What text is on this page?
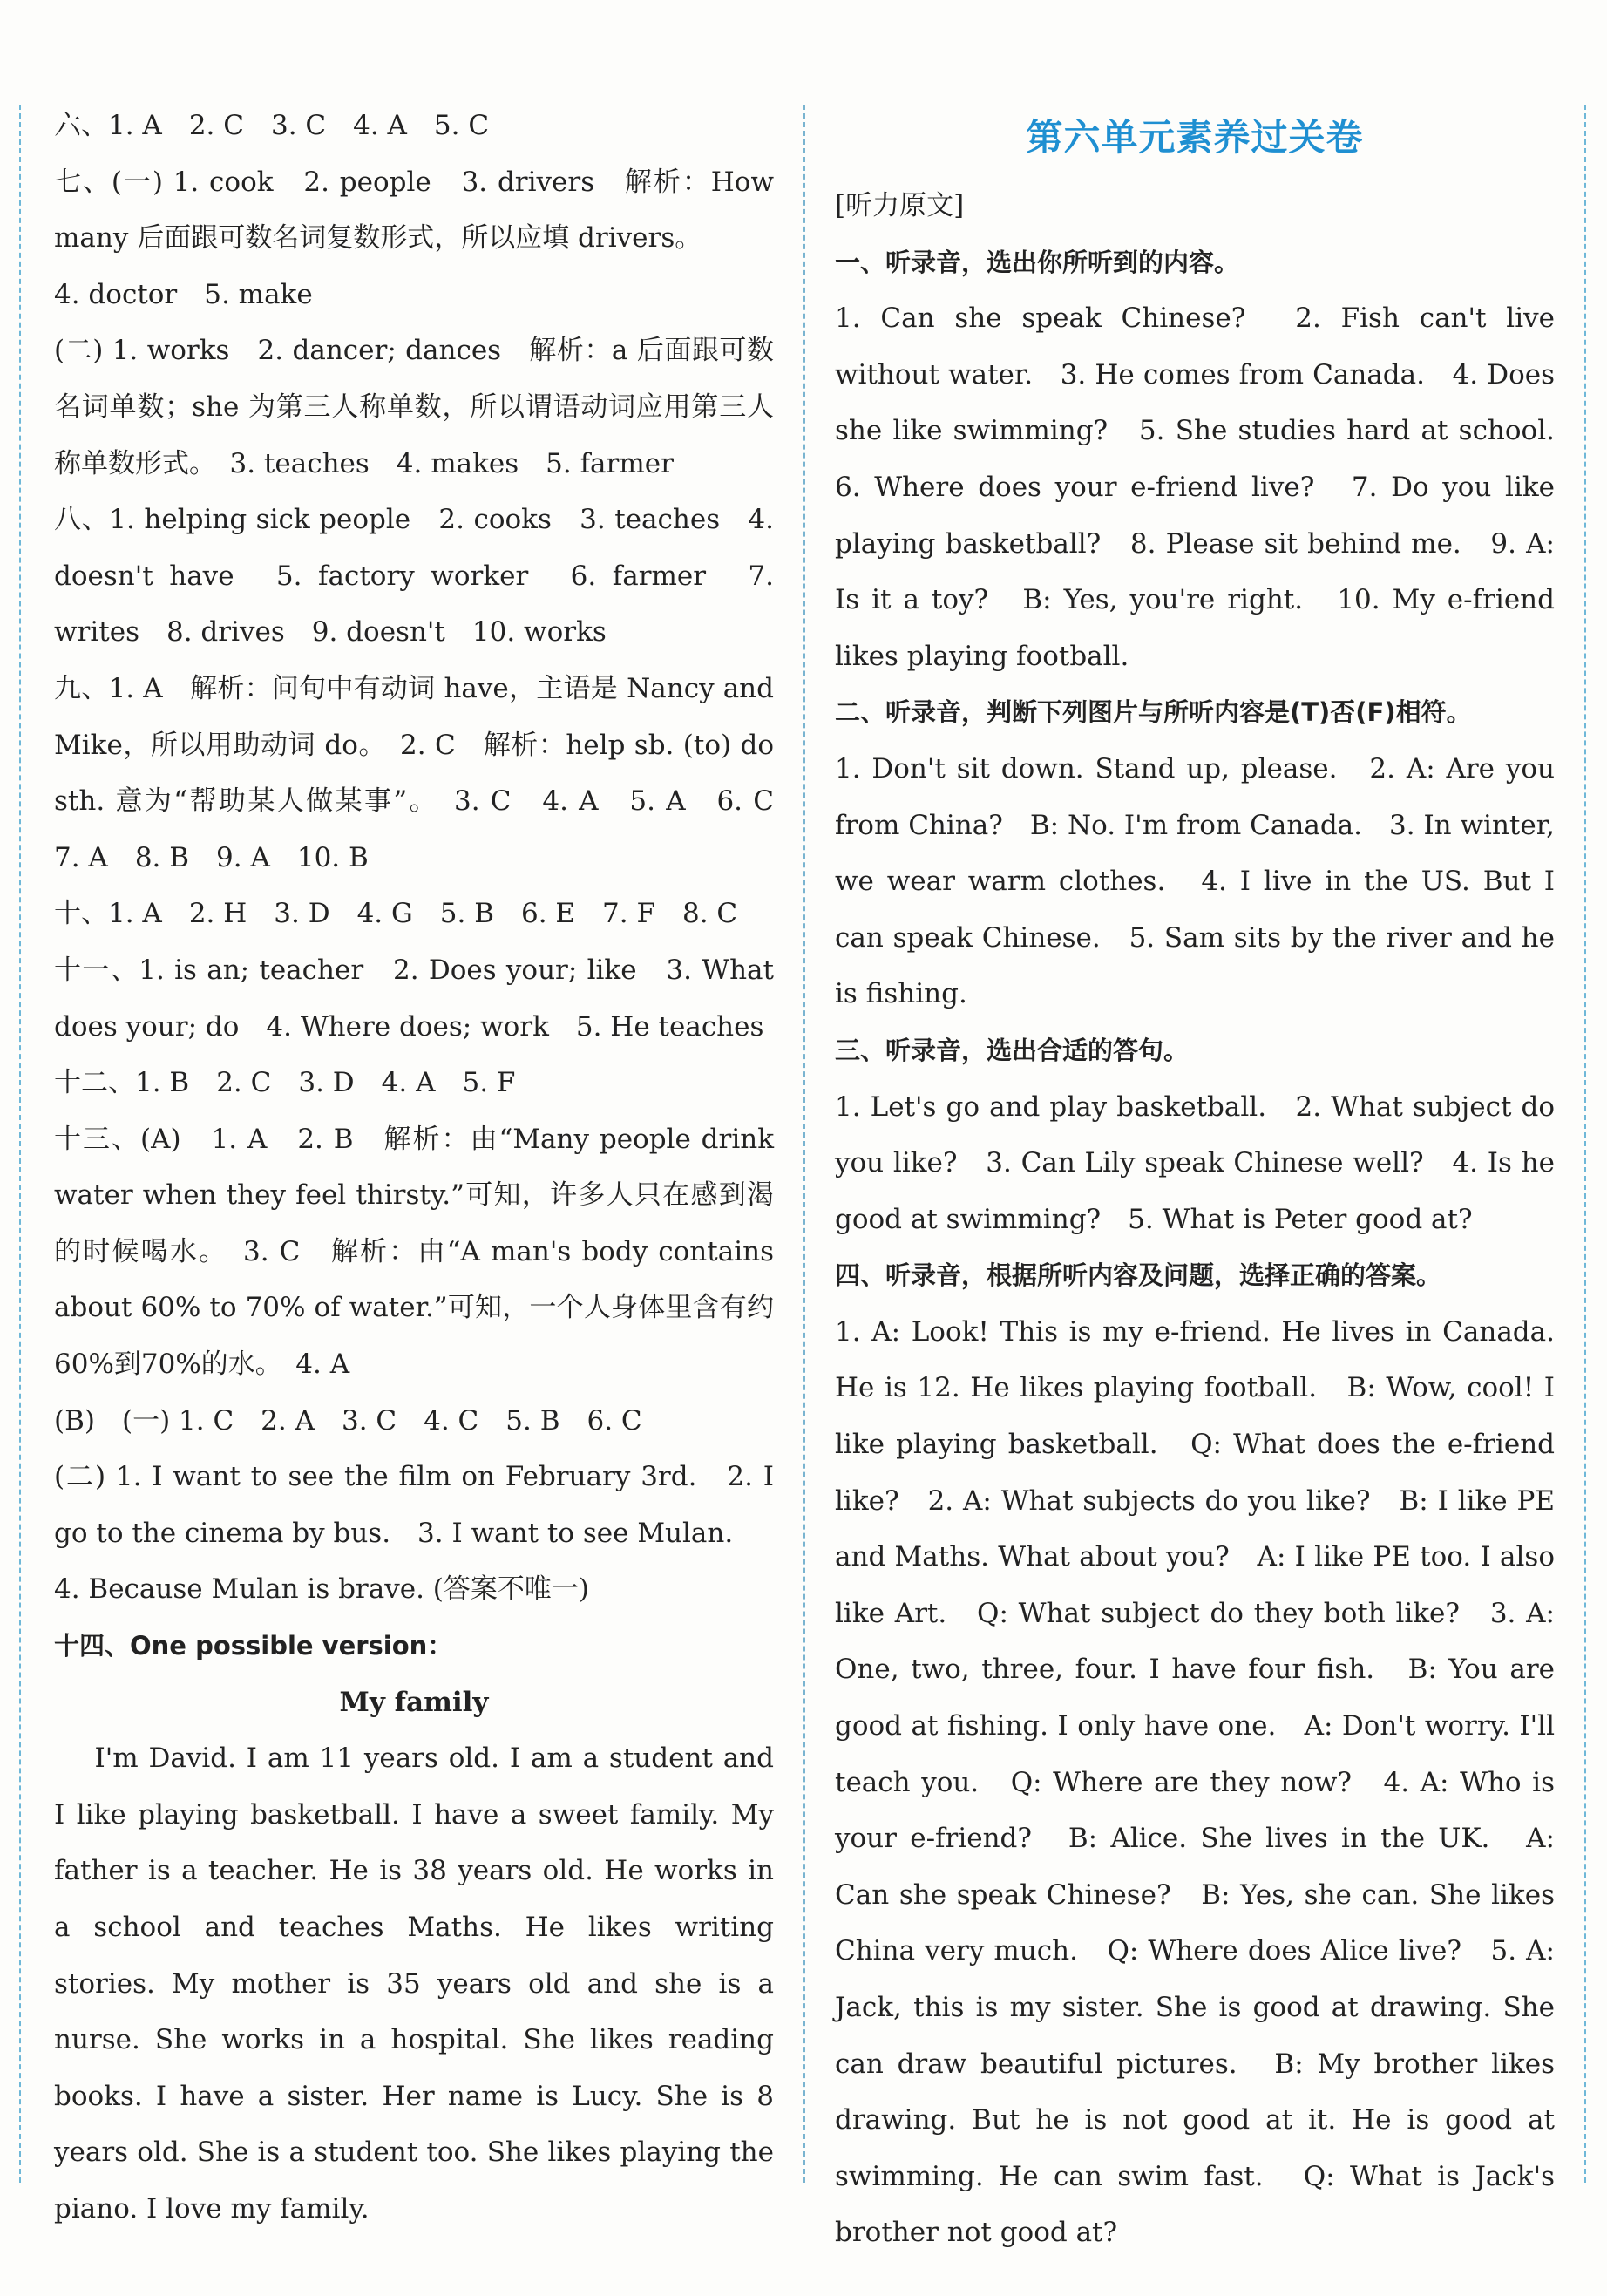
六、1. A　2. C　3. C　4. A　5. C

七、(一) 1. cook　2. people　3. drivers　解析：How many 后面跟可数名词复数形式，所以应填 drivers。

4. doctor　5. make

(二) 1. works　2. dancer; dances　解析：a 后面跟可数名词单数；she 为第三人称单数，所以谓语动词应用第三人称单数形式。　3. teaches　4. makes　5. farmer

八、1. helping sick people　2. cooks　3. teaches　4. doesn't have　5. factory worker　6. farmer　7. writes　8. drives　9. doesn't　10. works

九、1. A　解析：问句中有动词 have，主语是 Nancy and Mike，所以用助动词 do。　2. C　解析：help sb. (to) do sth. 意为“帮助某人做某事”。　3. C　4. A　5. A　6. C　7. A　8. B　9. A　10. B

十、1. A　2. H　3. D　4. G　5. B　6. E　7. F　8. C

十一、1. is an; teacher　2. Does your; like　3. What does your; do　4. Where does; work　5. He teaches

十二、1. B　2. C　3. D　4. A　5. F

十三、(A)　1. A　2. B　解析：由“Many people drink water when they feel thirsty.”可知，许多人只在感到渴的时候喝水。　3. C　解析：由“A man's body contains about 60% to 70% of water.”可知，一个人身体里含有约60%到70%的水。　4. A

(B)　(一) 1. C　2. A　3. C　4. C　5. B　6. C

(二) 1. I want to see the film on February 3rd.　2. I go to the cinema by bus.　3. I want to see Mulan.

4. Because Mulan is brave. (答案不唯一)

十四、One possible version：

My family

I'm David. I am 11 years old. I am a student and I like playing basketball. I have a sweet family. My father is a teacher. He is 38 years old. He works in a school and teaches Maths. He likes writing stories. My mother is 35 years old and she is a nurse. She works in a hospital. She likes reading books. I have a sister. Her name is Lucy. She is 8 years old. She is a student too. She likes playing the piano. I love my family.

第六单元素养过关卷

[听力原文]

一、听录音，选出你所听到的内容。

1. Can she speak Chinese?　2. Fish can't live without water.　3. He comes from Canada.　4. Does she like swimming?　5. She studies hard at school.　6. Where does your e-friend live?　7. Do you like playing basketball?　8. Please sit behind me.　9. A: Is it a toy?　B: Yes, you're right.　10. My e-friend likes playing football.

二、听录音，判断下列图片与所听内容是(T)否(F)相符。

1. Don't sit down. Stand up, please.　2. A: Are you from China?　B: No. I'm from Canada.　3. In winter, we wear warm clothes.　4. I live in the US. But I can speak Chinese.　5. Sam sits by the river and he is fishing.

三、听录音，选出合适的答句。

1. Let's go and play basketball.　2. What subject do you like?　3. Can Lily speak Chinese well?　4. Is he good at swimming?　5. What is Peter good at?

四、听录音，根据所听内容及问题，选择正确的答案。

1. A: Look! This is my e-friend. He lives in Canada. He is 12. He likes playing football.　B: Wow, cool! I like playing basketball.　Q: What does the e-friend like?　2. A: What subjects do you like?　B: I like PE and Maths. What about you?　A: I like PE too. I also like Art.　Q: What subject do they both like?　3. A: One, two, three, four. I have four fish.　B: You are good at fishing. I only have one.　A: Don't worry. I'll teach you.　Q: Where are they now?　4. A: Who is your e-friend?　B: Alice. She lives in the UK.　A: Can she speak Chinese?　B: Yes, she can. She likes China very much.　Q: Where does Alice live?　5. A: Jack, this is my sister. She is good at drawing. She can draw beautiful pictures.　B: My brother likes drawing. But he is not good at it. He is good at swimming. He can swim fast.　Q: What is Jack's brother not good at?
